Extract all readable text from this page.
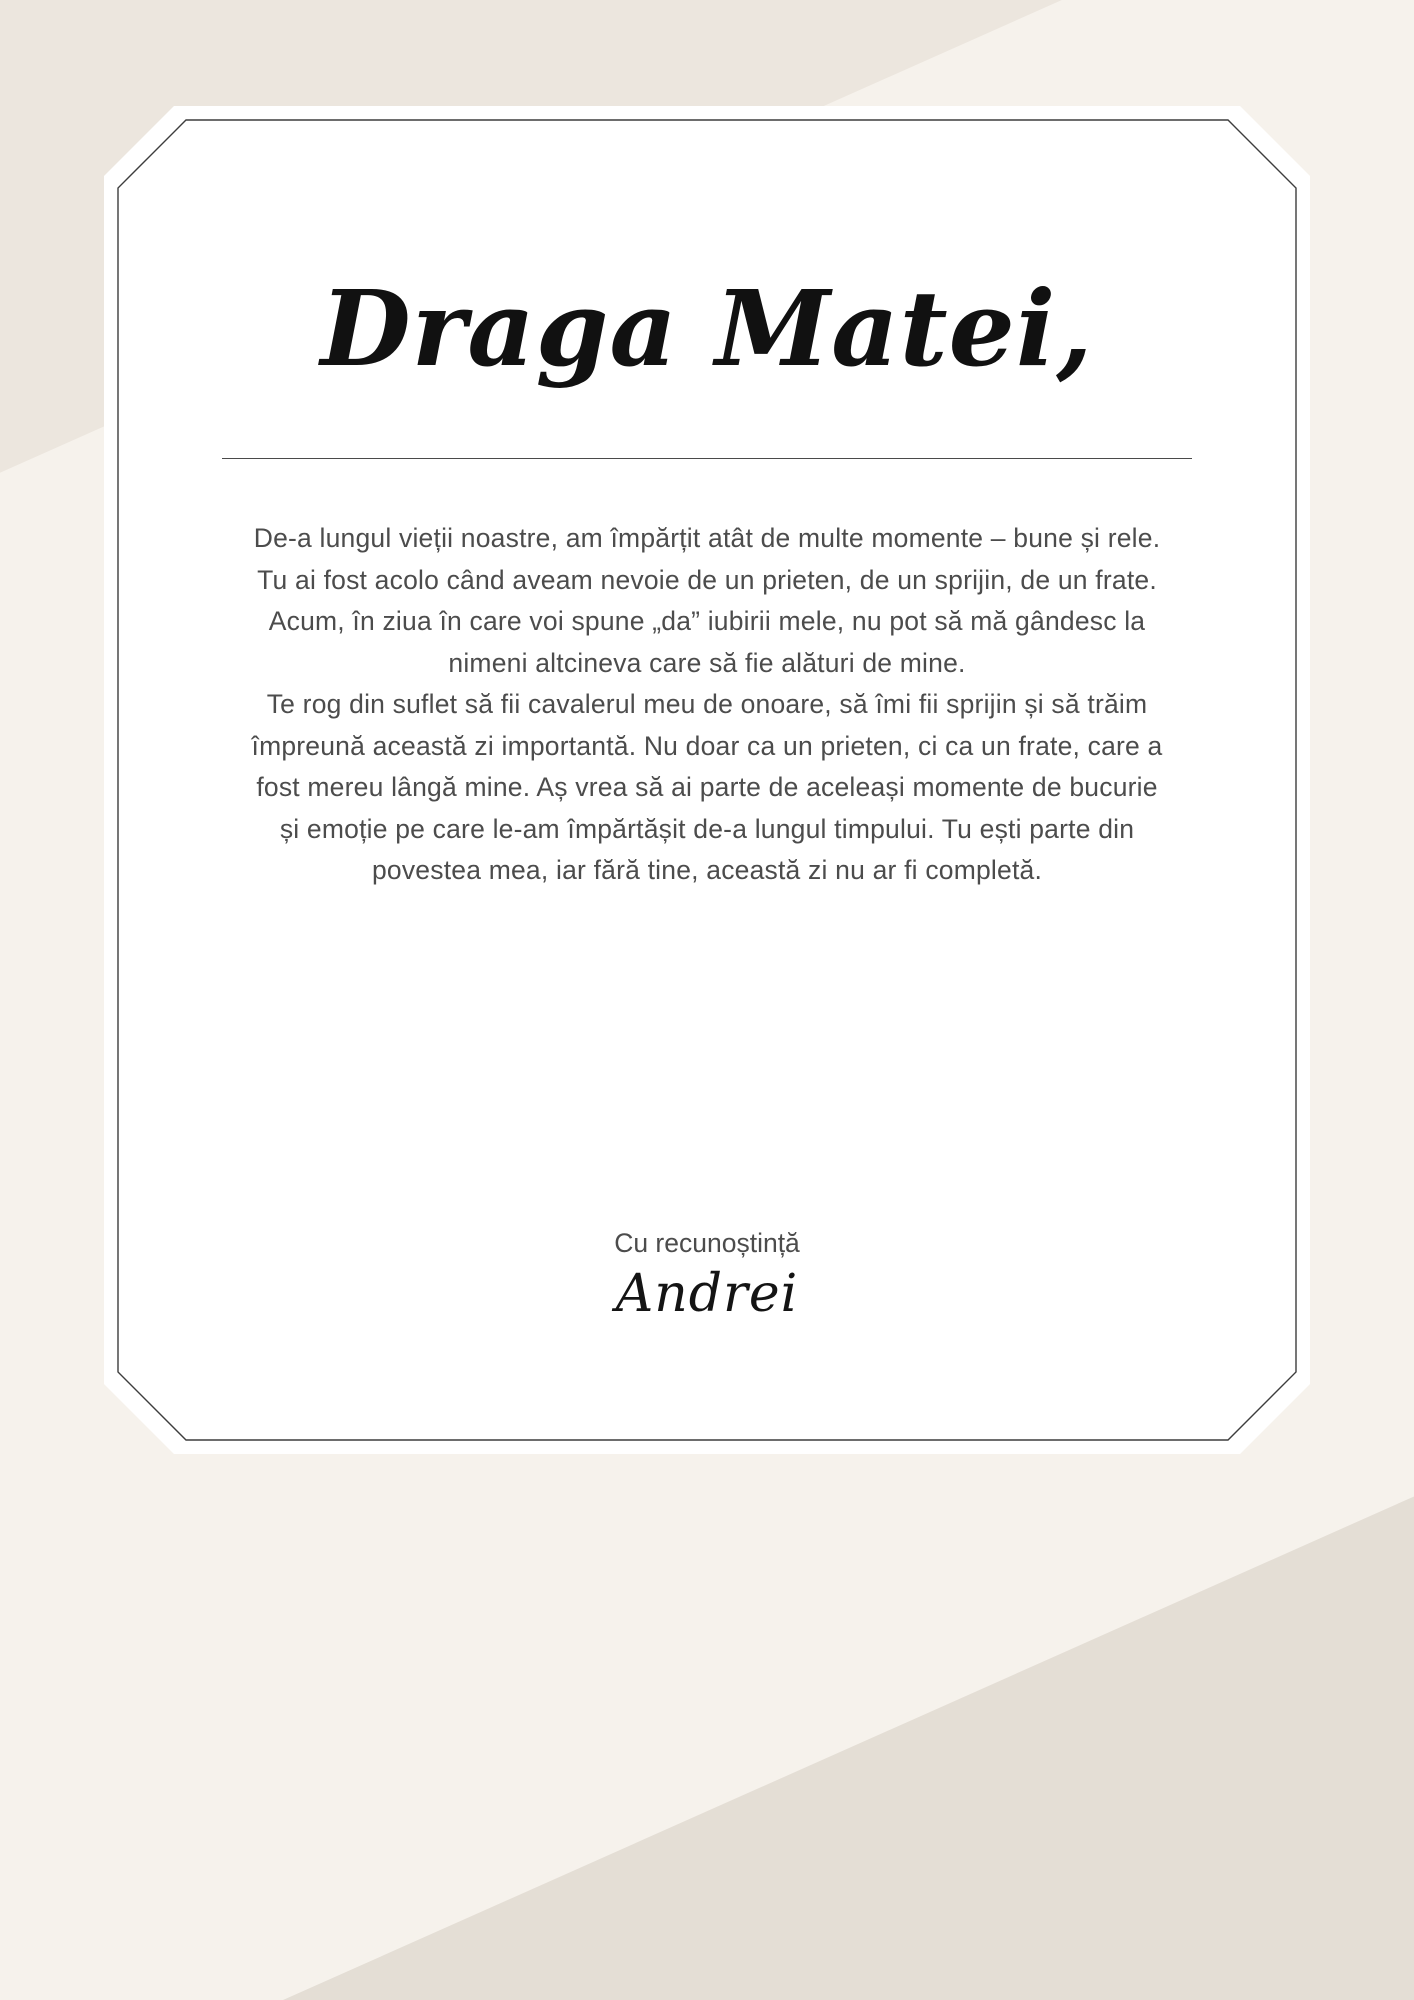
Draga Matei,

De-a lungul vieții noastre, am împărțit atât de multe momente – bune și rele. Tu ai fost acolo când aveam nevoie de un prieten, de un sprijin, de un frate. Acum, în ziua în care voi spune „da” iubirii mele, nu pot să mă gândesc la nimeni altcineva care să fie alături de mine.

Te rog din suflet să fii cavalerul meu de onoare, să îmi fii sprijin și să trăim împreună această zi importantă. Nu doar ca un prieten, ci ca un frate, care a fost mereu lângă mine. Aș vrea să ai parte de aceleași momente de bucurie și emoție pe care le-am împărtășit de-a lungul timpului. Tu ești parte din povestea mea, iar fără tine, această zi nu ar fi completă.

Cu recunoștință
Andrei
